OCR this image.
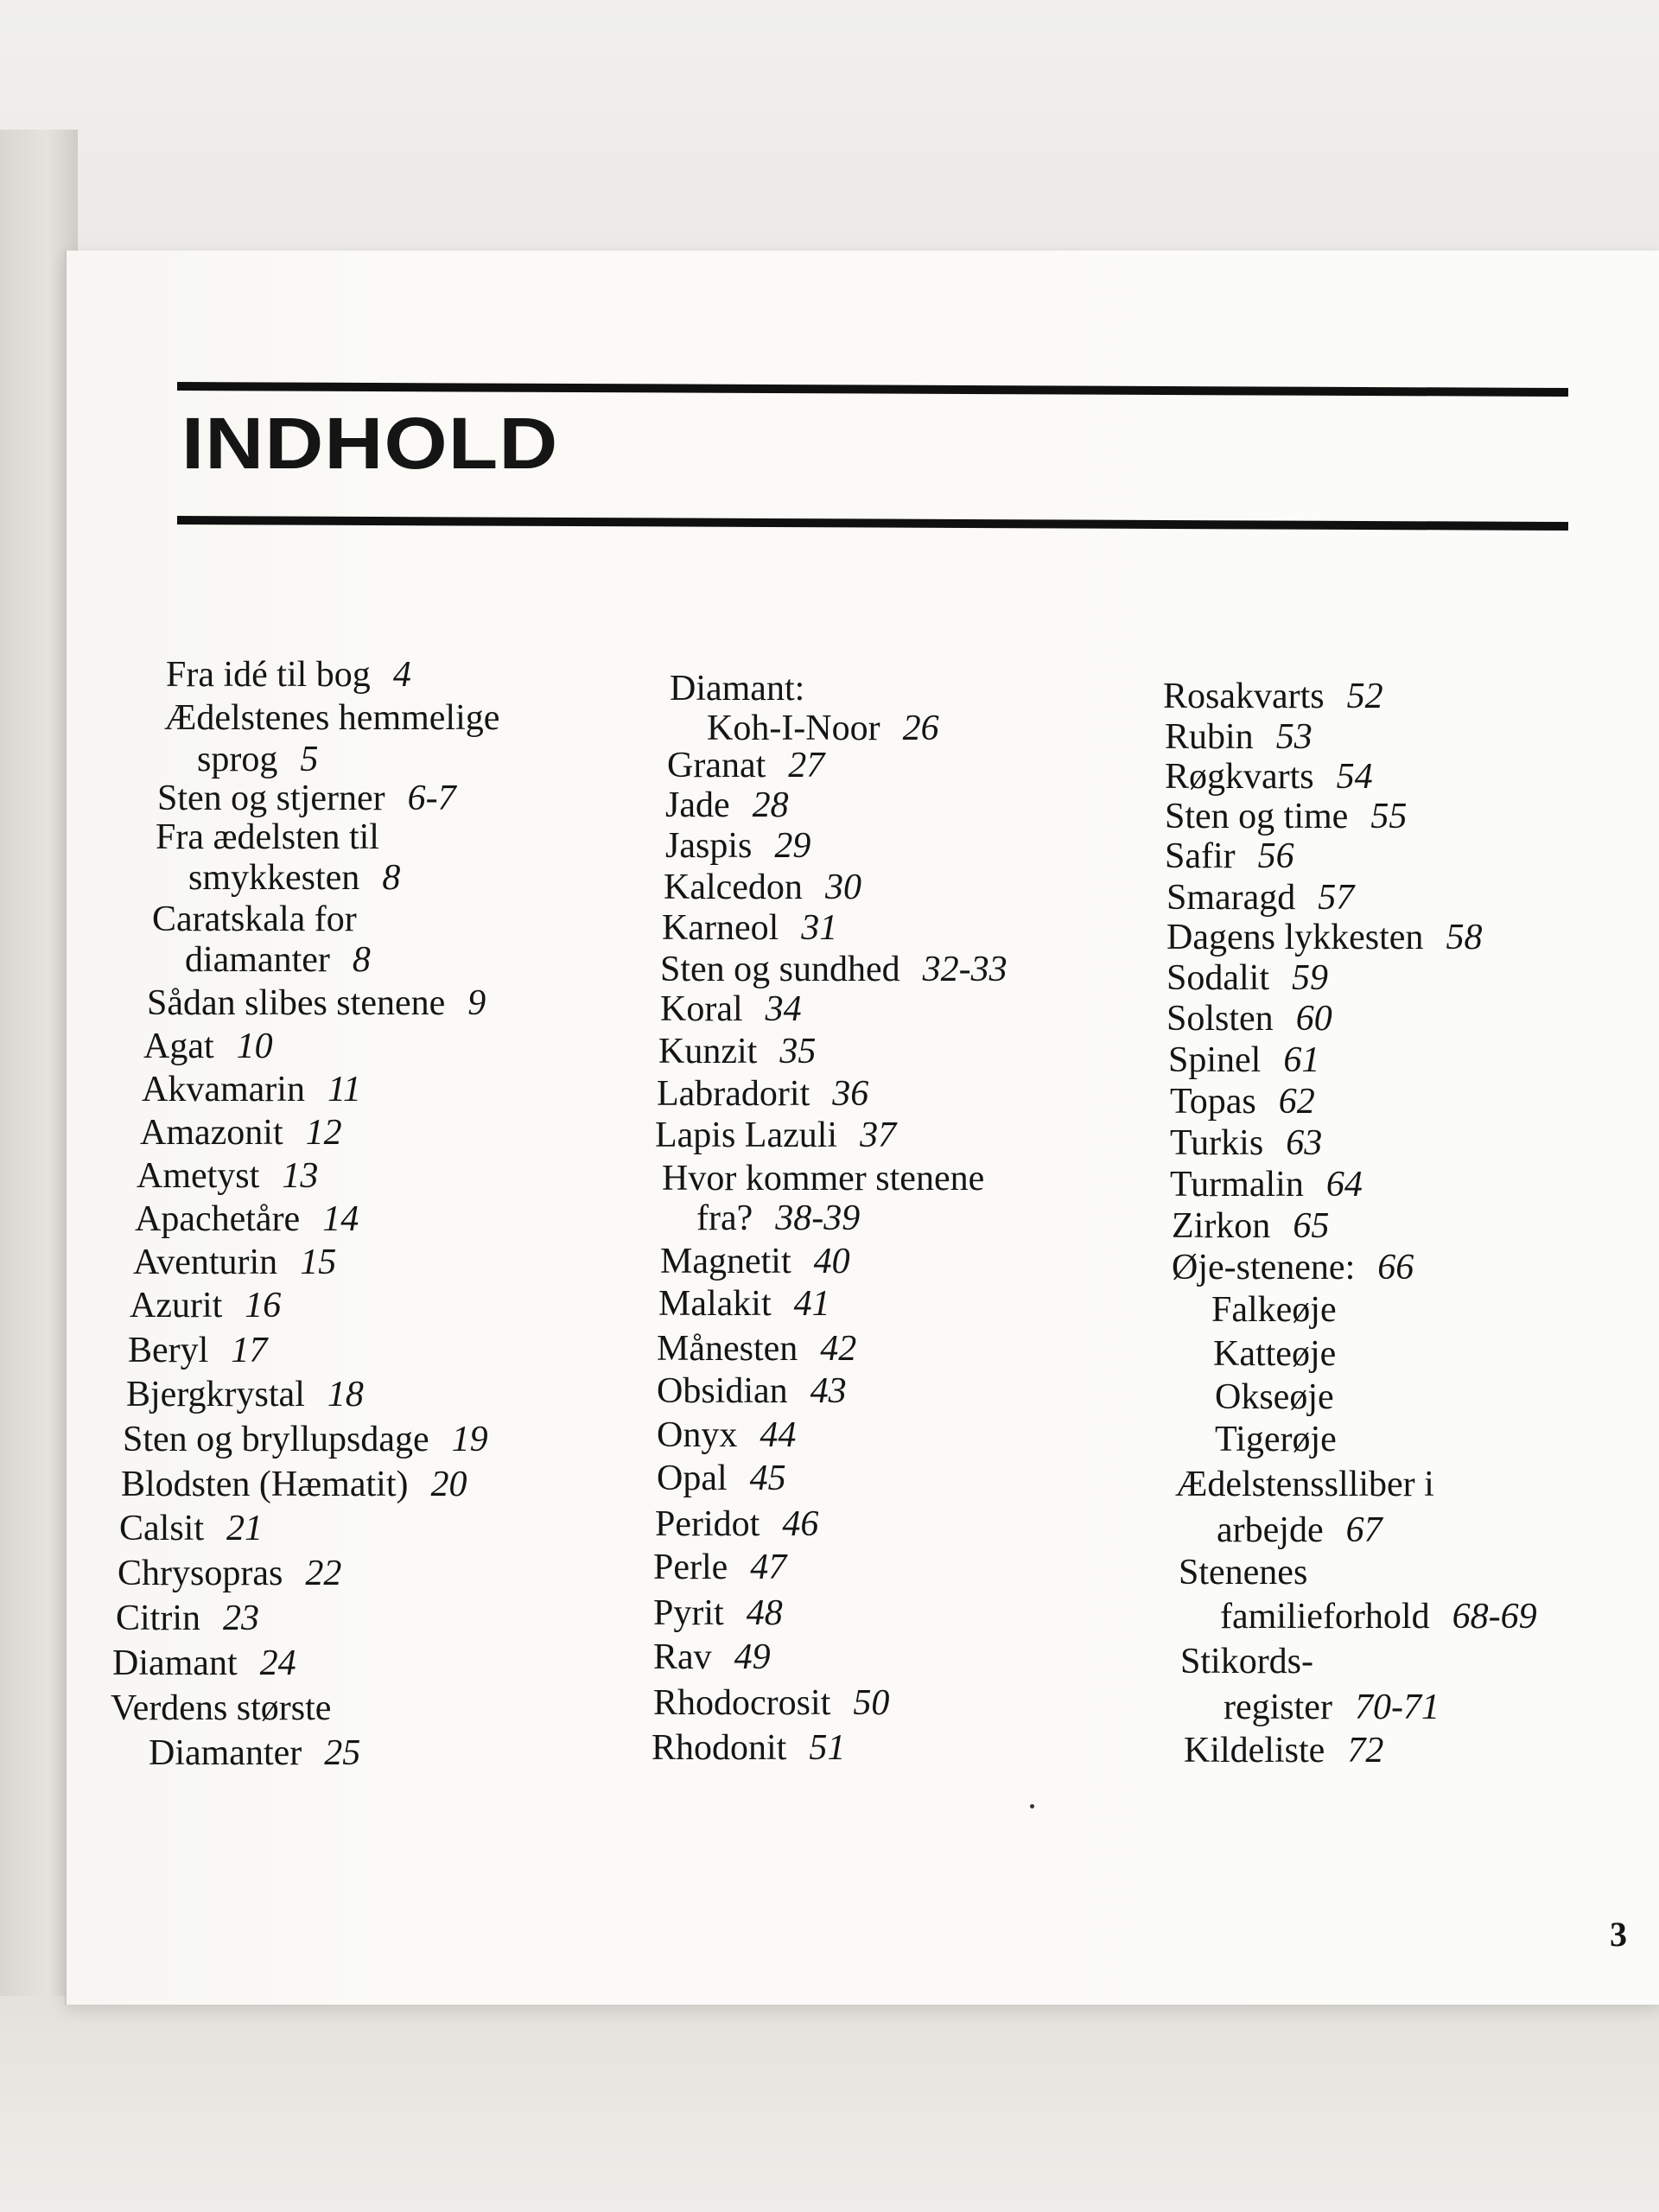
INDHOLD
Fra idé til bog 4
Ædelstenes hemmelige
sprog 5
Sten og stjerner 6-7
Fra ædelsten til
smykkesten 8
Caratskala for
diamanter 8
Sådan slibes stenene 9
Agat 10
Akvamarin 11
Amazonit 12
Ametyst 13
Apachetåre 14
Aventurin 15
Azurit 16
Beryl 17
Bjergkrystal 18
Sten og bryllupsdage 19
Blodsten (Hæmatit) 20
Calsit 21
Chrysopras 22
Citrin 23
Diamant 24
Verdens største
Diamanter 25
Diamant:
Koh-I-Noor 26
Granat 27
Jade 28
Jaspis 29
Kalcedon 30
Karneol 31
Sten og sundhed 32-33
Koral 34
Kunzit 35
Labradorit 36
Lapis Lazuli 37
Hvor kommer stenene
fra? 38-39
Magnetit 40
Malakit 41
Månesten 42
Obsidian 43
Onyx 44
Opal 45
Peridot 46
Perle 47
Pyrit 48
Rav 49
Rhodocrosit 50
Rhodonit 51
Rosakvarts 52
Rubin 53
Røgkvarts 54
Sten og time 55
Safir 56
Smaragd 57
Dagens lykkesten 58
Sodalit 59
Solsten 60
Spinel 61
Topas 62
Turkis 63
Turmalin 64
Zirkon 65
Øje-stenene: 66
Falkeøje
Katteøje
Okseøje
Tigerøje
Ædelstensslliber i
arbejde 67
Stenenes
familieforhold 68-69
Stikords-
register 70-71
Kildeliste 72
3
